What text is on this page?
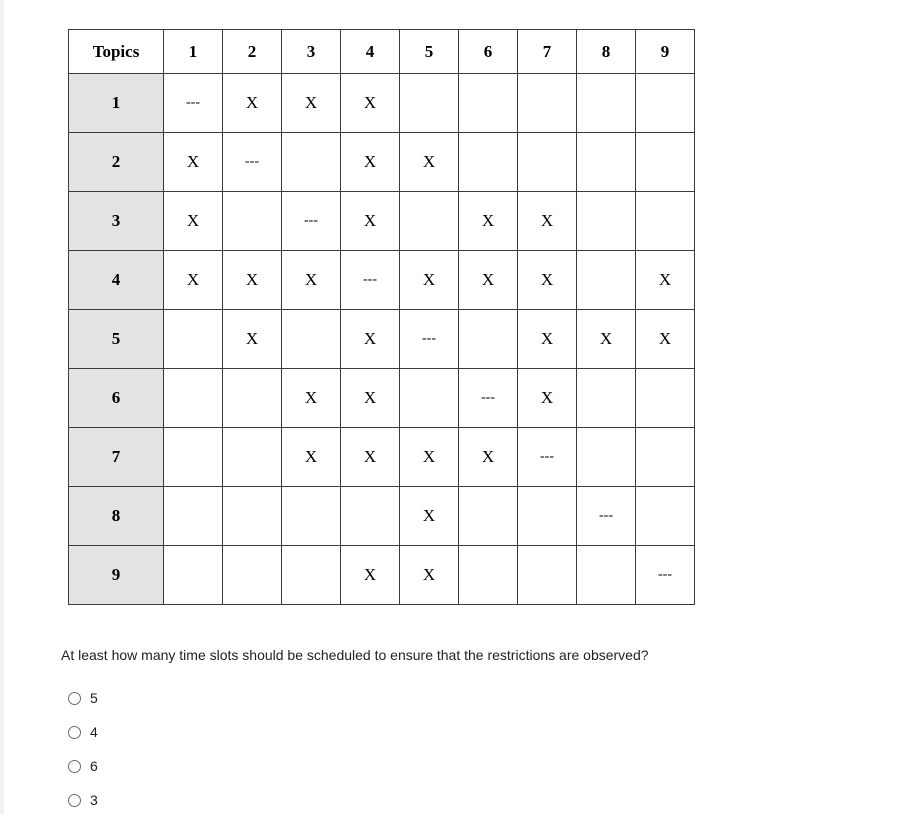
Topics	1	2	3	4	5	6	7	8	9
1	---	X	X	X					
2	X	---		X	X				
3	X		---	X		X	X		
4	X	X	X	---	X	X	X		X
5		X		X	---		X	X	X
6			X	X		---	X		
7			X	X	X	X	---		
8					X			---	
9				X	X				---
At least how many time slots should be scheduled to ensure that the restrictions are observed?
5
4
6
3
